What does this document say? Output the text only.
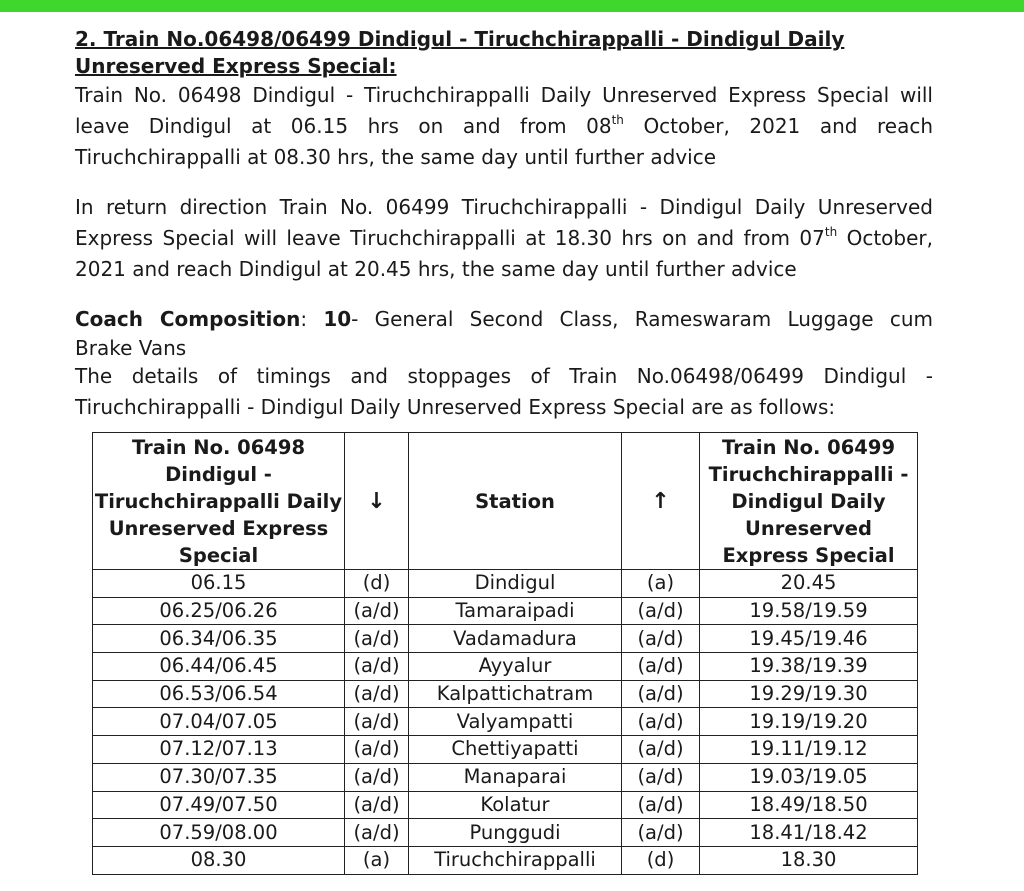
2. Train No.06498/06499 Dindigul - Tiruchchirappalli - Dindigul Daily Unreserved Express Special:

Train No. 06498 Dindigul - Tiruchchirappalli Daily Unreserved Express Special will leave Dindigul at 06.15 hrs on and from 08th October, 2021 and reach Tiruchchirappalli at 08.30 hrs, the same day until further advice

In return direction Train No. 06499 Tiruchchirappalli - Dindigul Daily Unreserved Express Special will leave Tiruchchirappalli at 18.30 hrs on and from 07th October, 2021 and reach Dindigul at 20.45 hrs, the same day until further advice

Coach Composition: 10- General Second Class, Rameswaram Luggage cum

Brake Vans

The details of timings and stoppages of Train No.06498/06499 Dindigul - Tiruchchirappalli - Dindigul Daily Unreserved Express Special are as follows:

Train No. 06498 Dindigul - Tiruchchirappalli Daily Unreserved Express Special	↓	Station	↑	Train No. 06499 Tiruchchirappalli - Dindigul Daily Unreserved Express Special
06.15	(d)	Dindigul	(a)	20.45
06.25/06.26	(a/d)	Tamaraipadi	(a/d)	19.58/19.59
06.34/06.35	(a/d)	Vadamadura	(a/d)	19.45/19.46
06.44/06.45	(a/d)	Ayyalur	(a/d)	19.38/19.39
06.53/06.54	(a/d)	Kalpattichatram	(a/d)	19.29/19.30
07.04/07.05	(a/d)	Valyampatti	(a/d)	19.19/19.20
07.12/07.13	(a/d)	Chettiyapatti	(a/d)	19.11/19.12
07.30/07.35	(a/d)	Manaparai	(a/d)	19.03/19.05
07.49/07.50	(a/d)	Kolatur	(a/d)	18.49/18.50
07.59/08.00	(a/d)	Punggudi	(a/d)	18.41/18.42
08.30	(a)	Tiruchchirappalli	(d)	18.30
